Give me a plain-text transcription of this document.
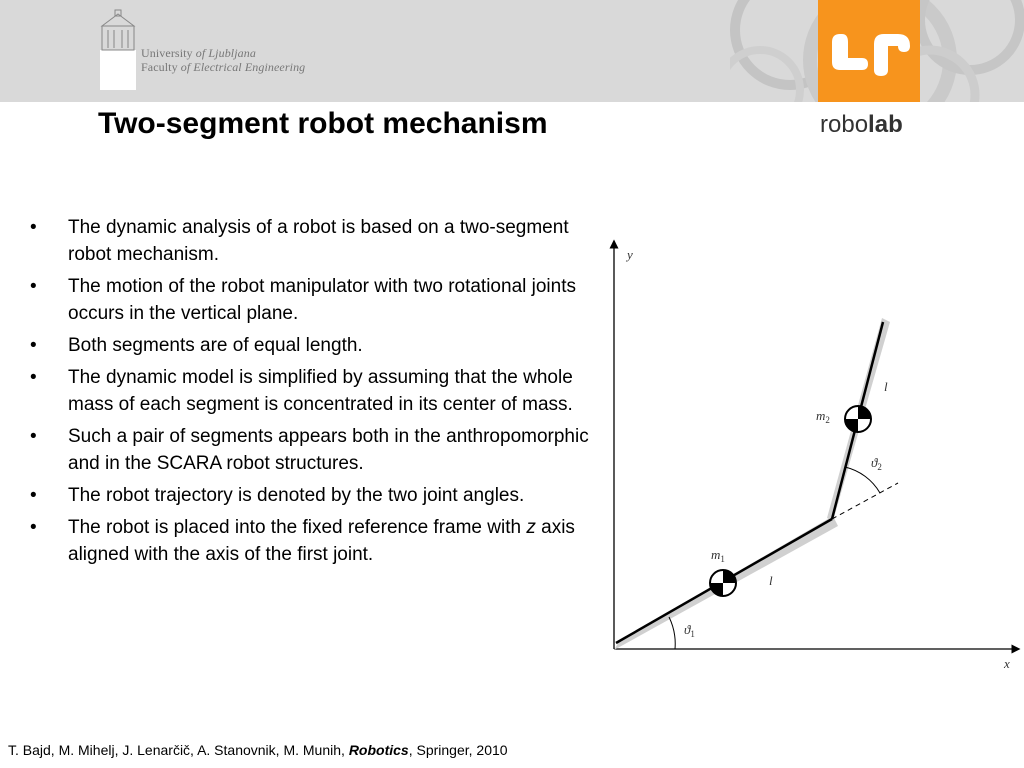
University of Ljubljana
Faculty of Electrical Engineering
robolab
Two-segment robot mechanism
• The dynamic analysis of a robot is based on a two-segment robot mechanism.
• The motion of the robot manipulator with two rotational joints occurs in the vertical plane.
• Both segments are of equal length.
• The dynamic model is simplified by assuming that the whole mass of each segment is concentrated in its center of mass.
• Such a pair of segments appears both in the anthropomorphic and in the SCARA robot structures.
• The robot trajectory is denoted by the two joint angles.
• The robot is placed into the fixed reference frame with z axis aligned with the axis of the first joint.
y
x
$m_1$
$m_2$
l
l
$ϑ_1$
$ϑ_2$
T. Bajd, M. Mihelj, J. Lenarčič, A. Stanovnik, M. Munih, Robotics, Springer, 2010
